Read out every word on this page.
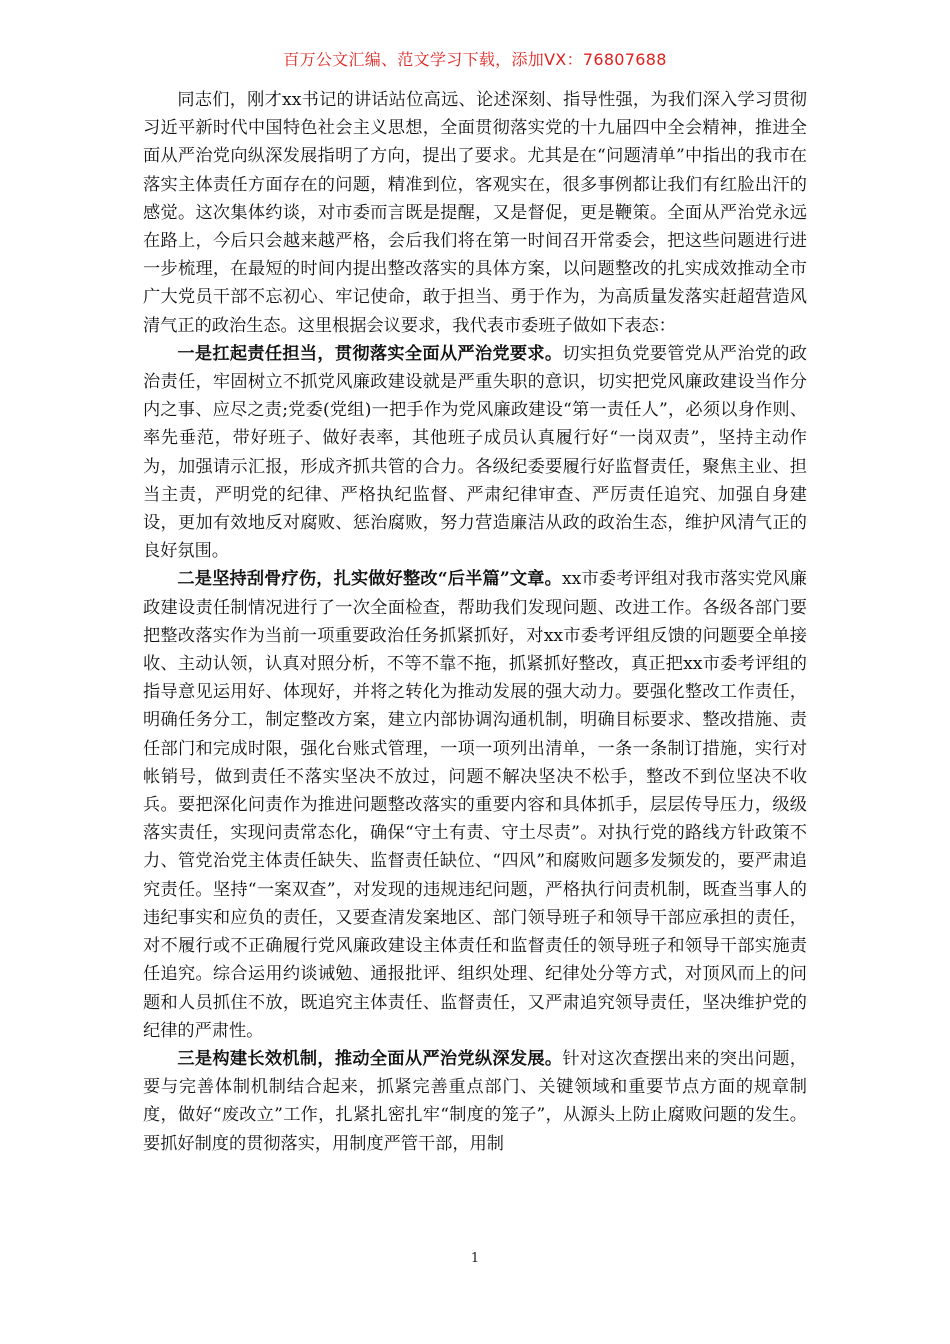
百万公文汇编、范文学习下载，添加VX：76807688

同志们，刚才xx书记的讲话站位高远、论述深刻、指导性强，为我们深入学习贯彻习近平新时代中国特色社会主义思想，全面贯彻落实党的十九届四中全会精神，推进全面从严治党向纵深发展指明了方向，提出了要求。尤其是在“问题清单”中指出的我市在落实主体责任方面存在的问题，精准到位，客观实在，很多事例都让我们有红脸出汗的感觉。这次集体约谈，对市委而言既是提醒，又是督促，更是鞭策。全面从严治党永远在路上，今后只会越来越严格，会后我们将在第一时间召开常委会，把这些问题进行进一步梳理，在最短的时间内提出整改落实的具体方案，以问题整改的扎实成效推动全市广大党员干部不忘初心、牢记使命，敢于担当、勇于作为，为高质量发落实赶超营造风清气正的政治生态。这里根据会议要求，我代表市委班子做如下表态：

一是扛起责任担当，贯彻落实全面从严治党要求。切实担负党要管党从严治党的政治责任，牢固树立不抓党风廉政建设就是严重失职的意识，切实把党风廉政建设当作分内之事、应尽之责;党委(党组)一把手作为党风廉政建设“第一责任人”，必须以身作则、率先垂范，带好班子、做好表率，其他班子成员认真履行好“一岗双责”，坚持主动作为，加强请示汇报，形成齐抓共管的合力。各级纪委要履行好监督责任，聚焦主业、担当主责，严明党的纪律、严格执纪监督、严肃纪律审查、严厉责任追究、加强自身建设，更加有效地反对腐败、惩治腐败，努力营造廉洁从政的政治生态，维护风清气正的良好氛围。

二是坚持刮骨疗伤，扎实做好整改“后半篇”文章。xx市委考评组对我市落实党风廉政建设责任制情况进行了一次全面检查，帮助我们发现问题、改进工作。各级各部门要把整改落实作为当前一项重要政治任务抓紧抓好，对xx市委考评组反馈的问题要全单接收、主动认领，认真对照分析，不等不靠不拖，抓紧抓好整改，真正把xx市委考评组的指导意见运用好、体现好，并将之转化为推动发展的强大动力。要强化整改工作责任，明确任务分工，制定整改方案，建立内部协调沟通机制，明确目标要求、整改措施、责任部门和完成时限，强化台账式管理，一项一项列出清单，一条一条制订措施，实行对帐销号，做到责任不落实坚决不放过，问题不解决坚决不松手，整改不到位坚决不收兵。要把深化问责作为推进问题整改落实的重要内容和具体抓手，层层传导压力，级级落实责任，实现问责常态化，确保“守土有责、守土尽责”。对执行党的路线方针政策不力、管党治党主体责任缺失、监督责任缺位、“四风”和腐败问题多发频发的，要严肃追究责任。坚持“一案双查”，对发现的违规违纪问题，严格执行问责机制，既查当事人的违纪事实和应负的责任，又要查清发案地区、部门领导班子和领导干部应承担的责任，对不履行或不正确履行党风廉政建设主体责任和监督责任的领导班子和领导干部实施责任追究。综合运用约谈诫勉、通报批评、组织处理、纪律处分等方式，对顶风而上的问题和人员抓住不放，既追究主体责任、监督责任，又严肃追究领导责任，坚决维护党的纪律的严肃性。

三是构建长效机制，推动全面从严治党纵深发展。针对这次查摆出来的突出问题，要与完善体制机制结合起来，抓紧完善重点部门、关键领域和重要节点方面的规章制度，做好“废改立”工作，扎紧扎密扎牢“制度的笼子”，从源头上防止腐败问题的发生。要抓好制度的贯彻落实，用制度严管干部，用制

1
